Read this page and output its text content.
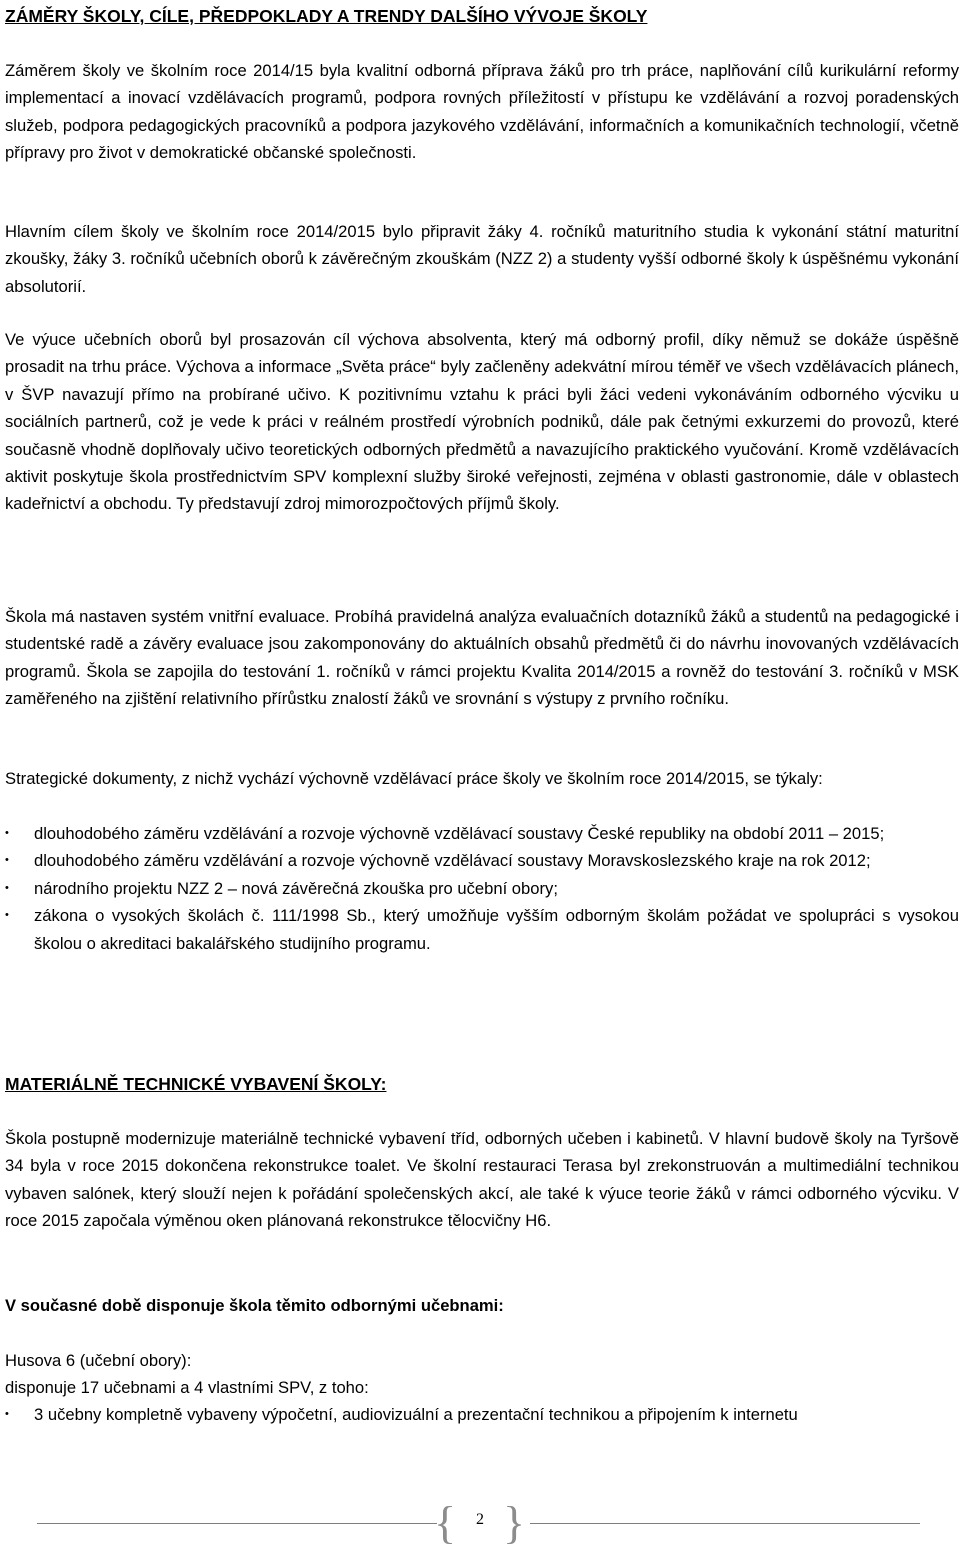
ZÁMĚRY ŠKOLY, CÍLE, PŘEDPOKLADY A TRENDY DALŠÍHO VÝVOJE ŠKOLY

Záměrem školy ve školním roce 2014/15 byla kvalitní odborná příprava žáků pro trh práce, naplňování cílů kurikulární reformy implementací a inovací vzdělávacích programů, podpora rovných příležitostí v přístupu ke vzdělávání a rozvoj poradenských služeb, podpora pedagogických pracovníků a podpora jazykového vzdělávání, informačních a komunikačních technologií, včetně přípravy pro život v demokratické občanské společnosti.

Hlavním cílem školy ve školním roce 2014/2015 bylo připravit žáky 4. ročníků maturitního studia k vykonání státní maturitní zkoušky, žáky 3. ročníků učebních oborů k závěrečným zkouškám (NZZ 2) a studenty vyšší odborné školy k úspěšnému vykonání absolutorií.

Ve výuce učebních oborů byl prosazován cíl výchova absolventa, který má odborný profil, díky němuž se dokáže úspěšně prosadit na trhu práce. Výchova a informace „Světa práce“ byly začleněny adekvátní mírou téměř ve všech vzdělávacích plánech, v ŠVP navazují přímo na probírané učivo. K pozitivnímu vztahu k práci byli žáci vedeni vykonáváním odborného výcviku u sociálních partnerů, což je vede k práci v reálném prostředí výrobních podniků, dále pak četnými exkurzemi do provozů, které současně vhodně doplňovaly učivo teoretických odborných předmětů a navazujícího praktického vyučování. Kromě vzdělávacích aktivit poskytuje škola prostřednictvím SPV komplexní služby široké veřejnosti, zejména v oblasti gastronomie, dále v oblastech kadeřnictví a obchodu. Ty představují zdroj mimorozpočtových příjmů školy.

Škola má nastaven systém vnitřní evaluace. Probíhá pravidelná analýza evaluačních dotazníků žáků a studentů na pedagogické i studentské radě a závěry evaluace jsou zakomponovány do aktuálních obsahů předmětů či do návrhu inovovaných vzdělávacích programů. Škola se zapojila do testování 1. ročníků v rámci projektu Kvalita 2014/2015 a rovněž do testování 3. ročníků v MSK zaměřeného na zjištění relativního přírůstku znalostí žáků ve srovnání s výstupy z prvního ročníku.

Strategické dokumenty, z nichž vychází výchovně vzdělávací práce školy ve školním roce 2014/2015, se týkaly:

• dlouhodobého záměru vzdělávání a rozvoje výchovně vzdělávací soustavy České republiky na období 2011 – 2015;
• dlouhodobého záměru vzdělávání a rozvoje výchovně vzdělávací soustavy Moravskoslezského kraje na rok 2012;
• národního projektu NZZ 2 – nová závěrečná zkouška pro učební obory;
• zákona o vysokých školách č. 111/1998 Sb., který umožňuje vyšším odborným školám požádat ve spolupráci s vysokou školou o akreditaci bakalářského studijního programu.
MATERIÁLNĚ TECHNICKÉ VYBAVENÍ ŠKOLY:

Škola postupně modernizuje materiálně technické vybavení tříd, odborných učeben i kabinetů. V hlavní budově školy na Tyršově 34 byla v roce 2015 dokončena rekonstrukce toalet. Ve školní restauraci Terasa byl zrekonstruován a multimediální technikou vybaven salónek, který slouží nejen k pořádání společenských akcí, ale také k výuce teorie žáků v rámci odborného výcviku. V roce 2015 započala výměnou oken plánovaná rekonstrukce tělocvičny H6.

V současné době disponuje škola těmito odbornými učebnami:

Husova 6 (učební obory):

disponuje 17 učebnami a 4 vlastními SPV, z toho:

• 3 učebny kompletně vybaveny výpočetní, audiovizuální a prezentační technikou a připojením k internetu
{ }
2
